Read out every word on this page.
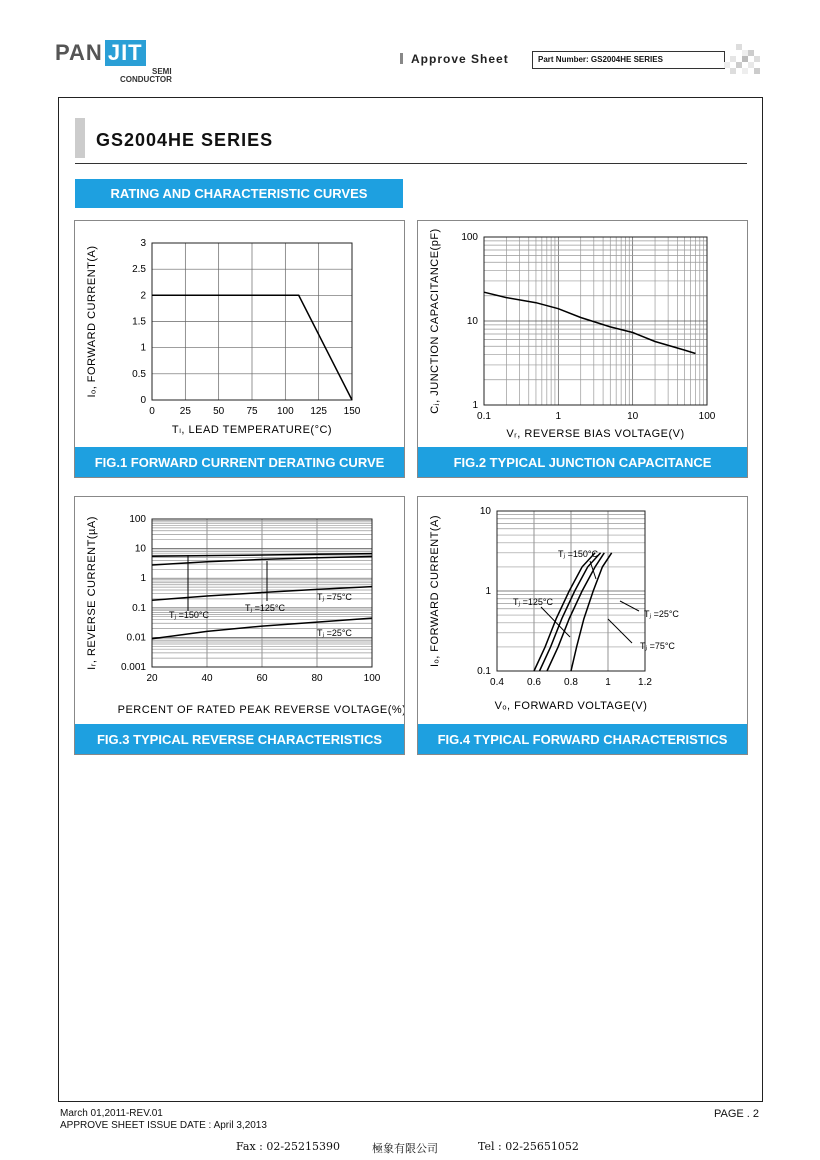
PAN JIT
SEMI
CONDUCTOR
Approve Sheet	Part Number: GS2004HE SERIES
GS2004HE SERIES
RATING AND CHARACTERISTIC CURVES
0 25 50 75 100 125 150
0
0.5
1
1.5
2
2.5
3
Tₗ, LEAD TEMPERATURE(°C)
Iₒ, FORWARD CURRENT(A)
FIG.1 FORWARD CURRENT DERATING CURVE
0.1	1	10	100
1
10
100
Vᵣ, REVERSE BIAS VOLTAGE(V)
Cⱼ, JUNCTION CAPACITANCE(pF)
FIG.2 TYPICAL JUNCTION CAPACITANCE
20	40	60	80	100
0.001
0.01
0.1
1
10
100
PERCENT OF RATED PEAK REVERSE VOLTAGE(%)
Iᵣ, REVERSE CURRENT(µA)	Tⱼ =150°C
Tⱼ =125°C
Tⱼ =75°C
Tⱼ =25°C
FIG.3 TYPICAL REVERSE CHARACTERISTICS
0.4 0.6 0.8	1	1.2
0.1
1
10
Vₒ, FORWARD VOLTAGE(V)
Iₒ, FORWARD CURRENT(A)	Tⱼ =150°C
Tⱼ =125°C
Tⱼ =75°C
Tⱼ =25°C
FIG.4 TYPICAL FORWARD CHARACTERISTICS
March 01,2011-REV.01
APPROVE SHEET ISSUE DATE : April 3,2013
PAGE . 2
Fax : 02-25215390	極象有限公司	Tel : 02-25651052
